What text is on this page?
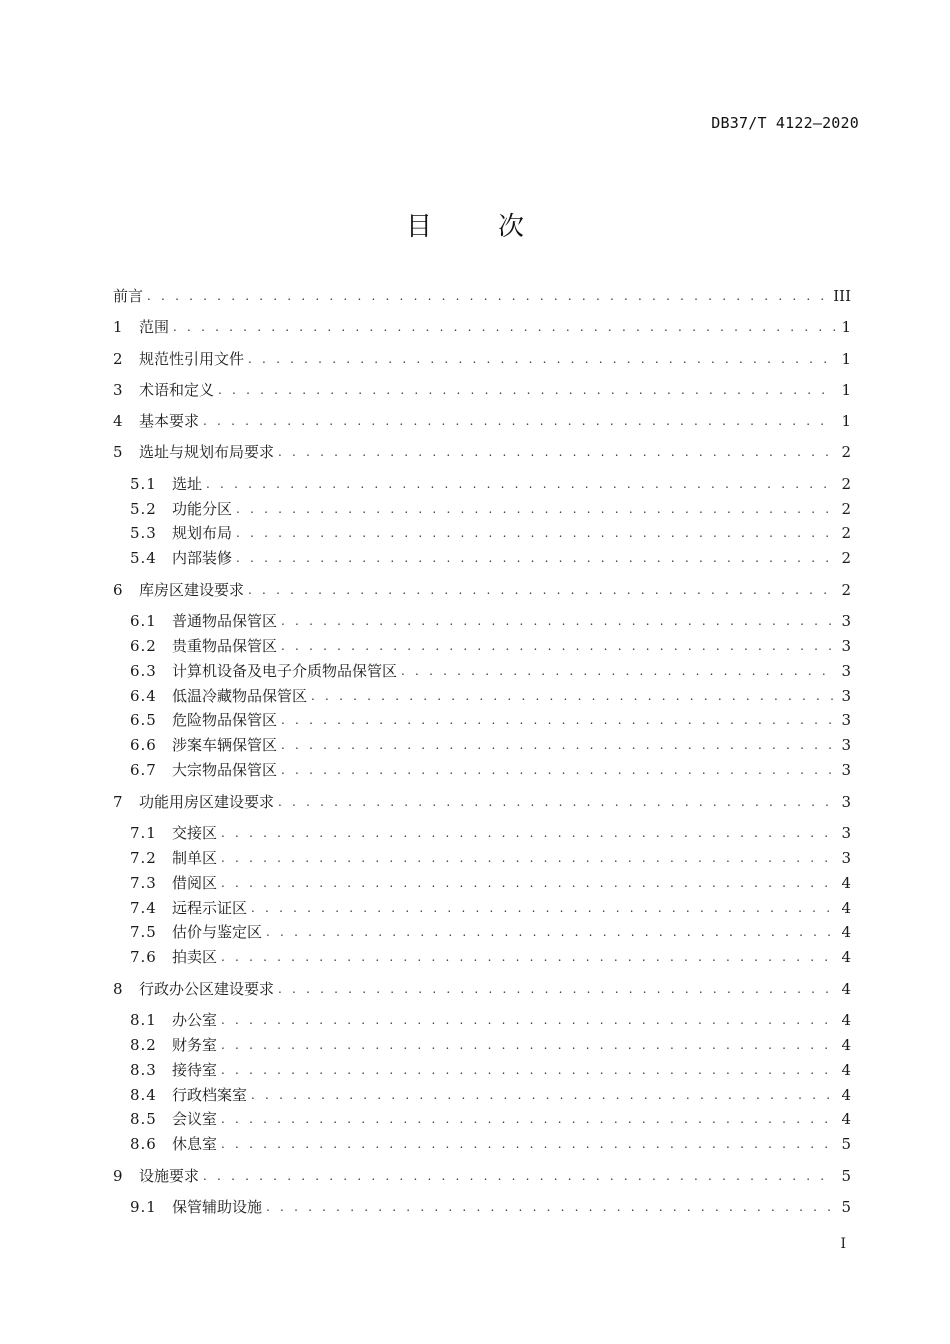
DB37/T 4122—2020
目　次
前言 . . .	III
1	范围 . . .	1
2	规范性引用文件 . . .	1
3	术语和定义 . . .	1
4	基本要求 . . .	1
5	选址与规划布局要求 . . .	2
5.1	选址 . . .	2
5.2	功能分区 . . .	2
5.3	规划布局 . . .	2
5.4	内部装修 . . .	2
6	库房区建设要求 . . .	2
6.1	普通物品保管区 . . .	3
6.2	贵重物品保管区 . . .	3
6.3	计算机设备及电子介质物品保管区 . . .	3
6.4	低温冷藏物品保管区 . . .	3
6.5	危险物品保管区 . . .	3
6.6	涉案车辆保管区 . . .	3
6.7	大宗物品保管区 . . .	3
7	功能用房区建设要求 . . .	3
7.1	交接区 . . .	3
7.2	制单区 . . .	3
7.3	借阅区 . . .	4
7.4	远程示证区 . . .	4
7.5	估价与鉴定区 . . .	4
7.6	拍卖区 . . .	4
8	行政办公区建设要求 . . .	4
8.1	办公室 . . .	4
8.2	财务室 . . .	4
8.3	接待室 . . .	4
8.4	行政档案室 . . .	4
8.5	会议室 . . .	4
8.6	休息室 . . .	5
9	设施要求 . . .	5
9.1	保管辅助设施 . . .	5
I
